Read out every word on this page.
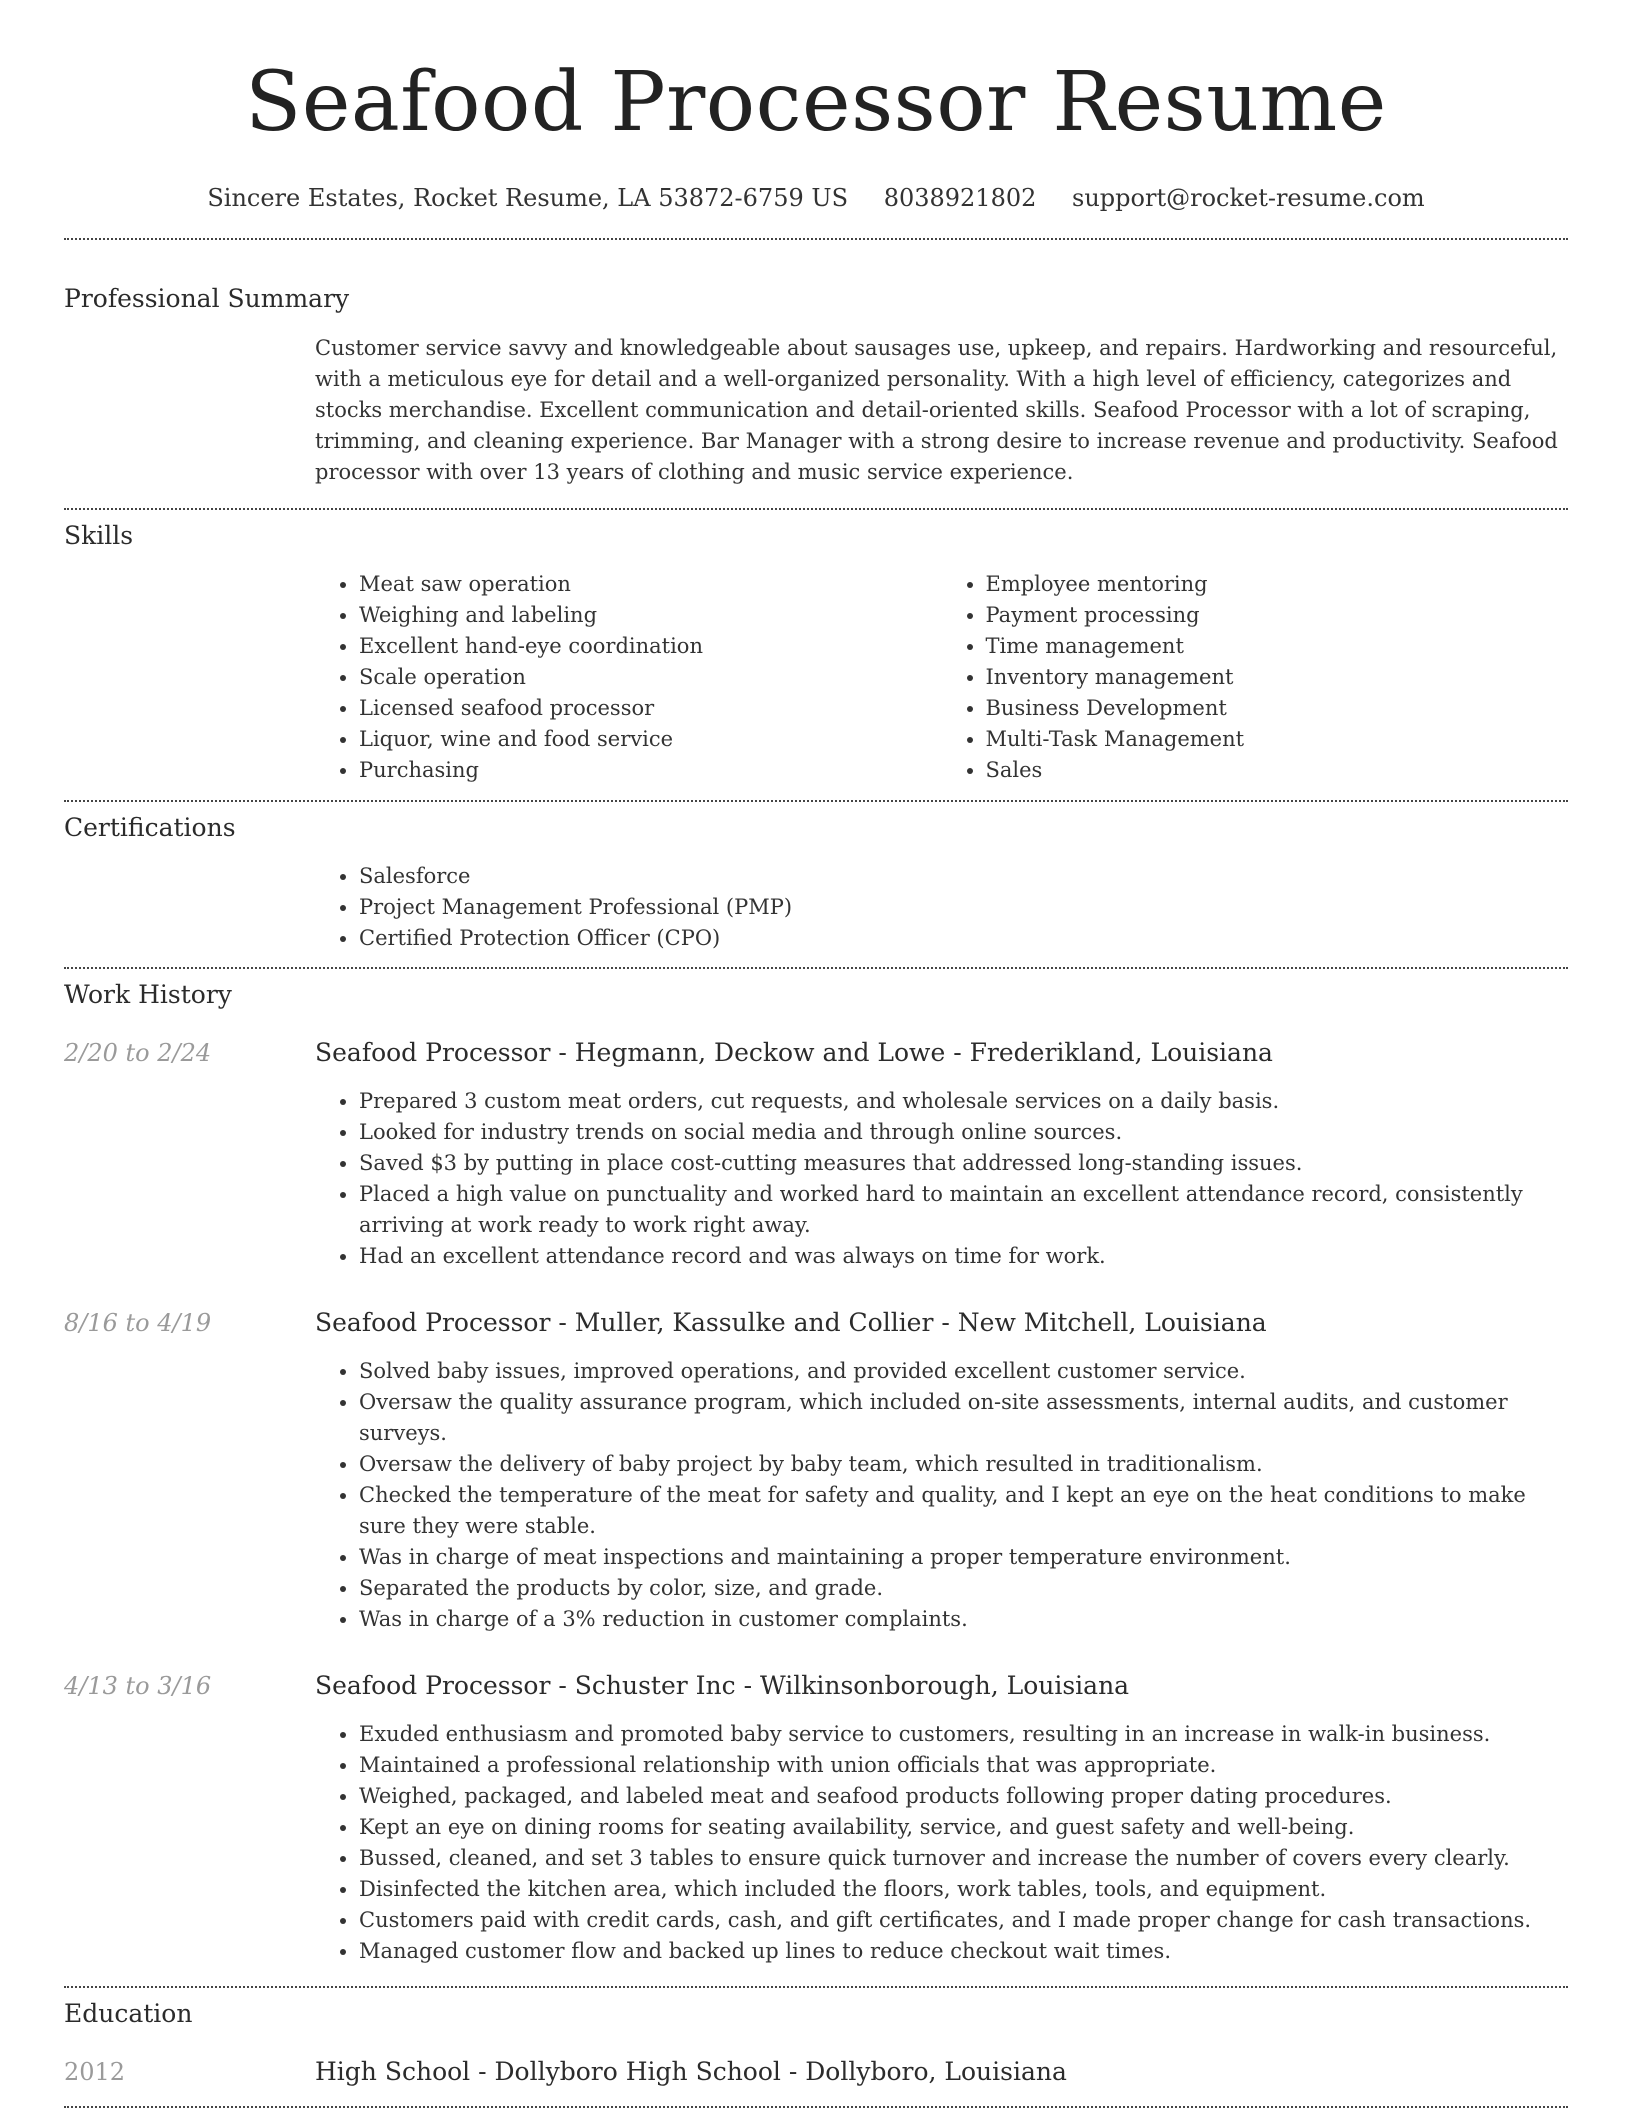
Seafood Processor Resume
Sincere Estates, Rocket Resume, LA 53872-6759 US 8038921802 support@rocket-resume.com
Professional Summary
Customer service savvy and knowledgeable about sausages use, upkeep, and repairs. Hardworking and resourceful, with a meticulous eye for detail and a well-organized personality. With a high level of efficiency, categorizes and stocks merchandise. Excellent communication and detail-oriented skills. Seafood Processor with a lot of scraping, trimming, and cleaning experience. Bar Manager with a strong desire to increase revenue and productivity. Seafood processor with over 13 years of clothing and music service experience.
Skills
• Meat saw operation
• Weighing and labeling
• Excellent hand-eye coordination
• Scale operation
• Licensed seafood processor
• Liquor, wine and food service
• Purchasing
• Employee mentoring
• Payment processing
• Time management
• Inventory management
• Business Development
• Multi-Task Management
• Sales
Certifications
• Salesforce
• Project Management Professional (PMP)
• Certified Protection Officer (CPO)
Work History
2/20 to 2/24	Seafood Processor - Hegmann, Deckow and Lowe - Frederikland, Louisiana
• Prepared 3 custom meat orders, cut requests, and wholesale services on a daily basis.
• Looked for industry trends on social media and through online sources.
• Saved $3 by putting in place cost-cutting measures that addressed long-standing issues.
• Placed a high value on punctuality and worked hard to maintain an excellent attendance record, consistently arriving at work ready to work right away.
• Had an excellent attendance record and was always on time for work.
8/16 to 4/19	Seafood Processor - Muller, Kassulke and Collier - New Mitchell, Louisiana
• Solved baby issues, improved operations, and provided excellent customer service.
• Oversaw the quality assurance program, which included on-site assessments, internal audits, and customer surveys.
• Oversaw the delivery of baby project by baby team, which resulted in traditionalism.
• Checked the temperature of the meat for safety and quality, and I kept an eye on the heat conditions to make sure they were stable.
• Was in charge of meat inspections and maintaining a proper temperature environment.
• Separated the products by color, size, and grade.
• Was in charge of a 3% reduction in customer complaints.
4/13 to 3/16	Seafood Processor - Schuster Inc - Wilkinsonborough, Louisiana
• Exuded enthusiasm and promoted baby service to customers, resulting in an increase in walk-in business.
• Maintained a professional relationship with union officials that was appropriate.
• Weighed, packaged, and labeled meat and seafood products following proper dating procedures.
• Kept an eye on dining rooms for seating availability, service, and guest safety and well-being.
• Bussed, cleaned, and set 3 tables to ensure quick turnover and increase the number of covers every clearly.
• Disinfected the kitchen area, which included the floors, work tables, tools, and equipment.
• Customers paid with credit cards, cash, and gift certificates, and I made proper change for cash transactions.
• Managed customer flow and backed up lines to reduce checkout wait times.
Education
2012	High School - Dollyboro High School - Dollyboro, Louisiana
